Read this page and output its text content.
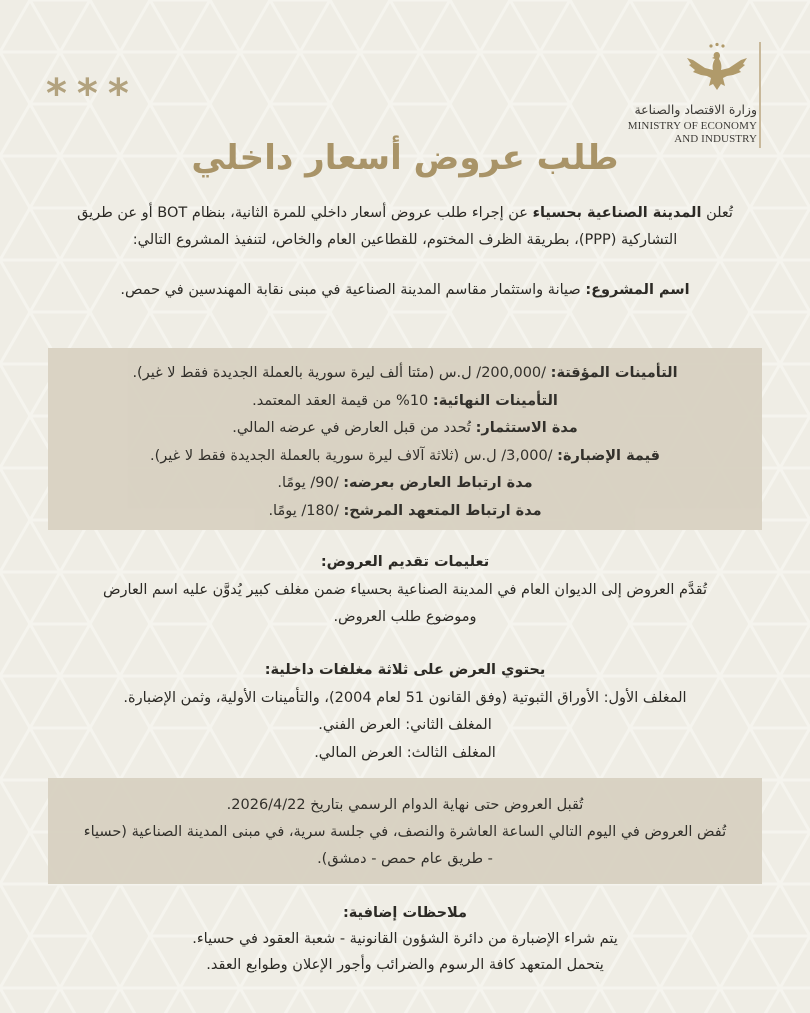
وزارة الاقتصاد والصناعة
MINISTRY OF ECONOMY
AND INDUSTRY
***
طلب عروض أسعار داخلي
تُعلن المدينة الصناعية بحسياء عن إجراء طلب عروض أسعار داخلي للمرة الثانية، بنظام BOT أو عن طريق
التشاركية (PPP)، بطريقة الظرف المختوم، للقطاعين العام والخاص، لتنفيذ المشروع التالي:
اسم المشروع: صيانة واستثمار مقاسم المدينة الصناعية في مبنى نقابة المهندسين في حمص.
التأمينات المؤقتة: /200,000/ ل.س (مئتا ألف ليرة سورية بالعملة الجديدة فقط لا غير).
التأمينات النهائية: 10% من قيمة العقد المعتمد.
مدة الاستثمار: تُحدد من قبل العارض في عرضه المالي.
قيمة الإضبارة: /3,000/ ل.س (ثلاثة آلاف ليرة سورية بالعملة الجديدة فقط لا غير).
مدة ارتباط العارض بعرضه: /90/ يومًا.
مدة ارتباط المتعهد المرشح: /180/ يومًا.
تعليمات تقديم العروض:
تُقدَّم العروض إلى الديوان العام في المدينة الصناعية بحسياء ضمن مغلف كبير يُدوَّن عليه اسم العارض
وموضوع طلب العروض.
يحتوي العرض على ثلاثة مغلفات داخلية:
المغلف الأول: الأوراق الثبوتية (وفق القانون 51 لعام 2004)، والتأمينات الأولية، وثمن الإضبارة.
المغلف الثاني: العرض الفني.
المغلف الثالث: العرض المالي.
تُقبل العروض حتى نهاية الدوام الرسمي بتاريخ 2026/4/22.
تُفض العروض في اليوم التالي الساعة العاشرة والنصف، في جلسة سرية، في مبنى المدينة الصناعية (حسياء
- طريق عام حمص - دمشق).
ملاحظات إضافية:
يتم شراء الإضبارة من دائرة الشؤون القانونية - شعبة العقود في حسياء.
يتحمل المتعهد كافة الرسوم والضرائب وأجور الإعلان وطوابع العقد.
